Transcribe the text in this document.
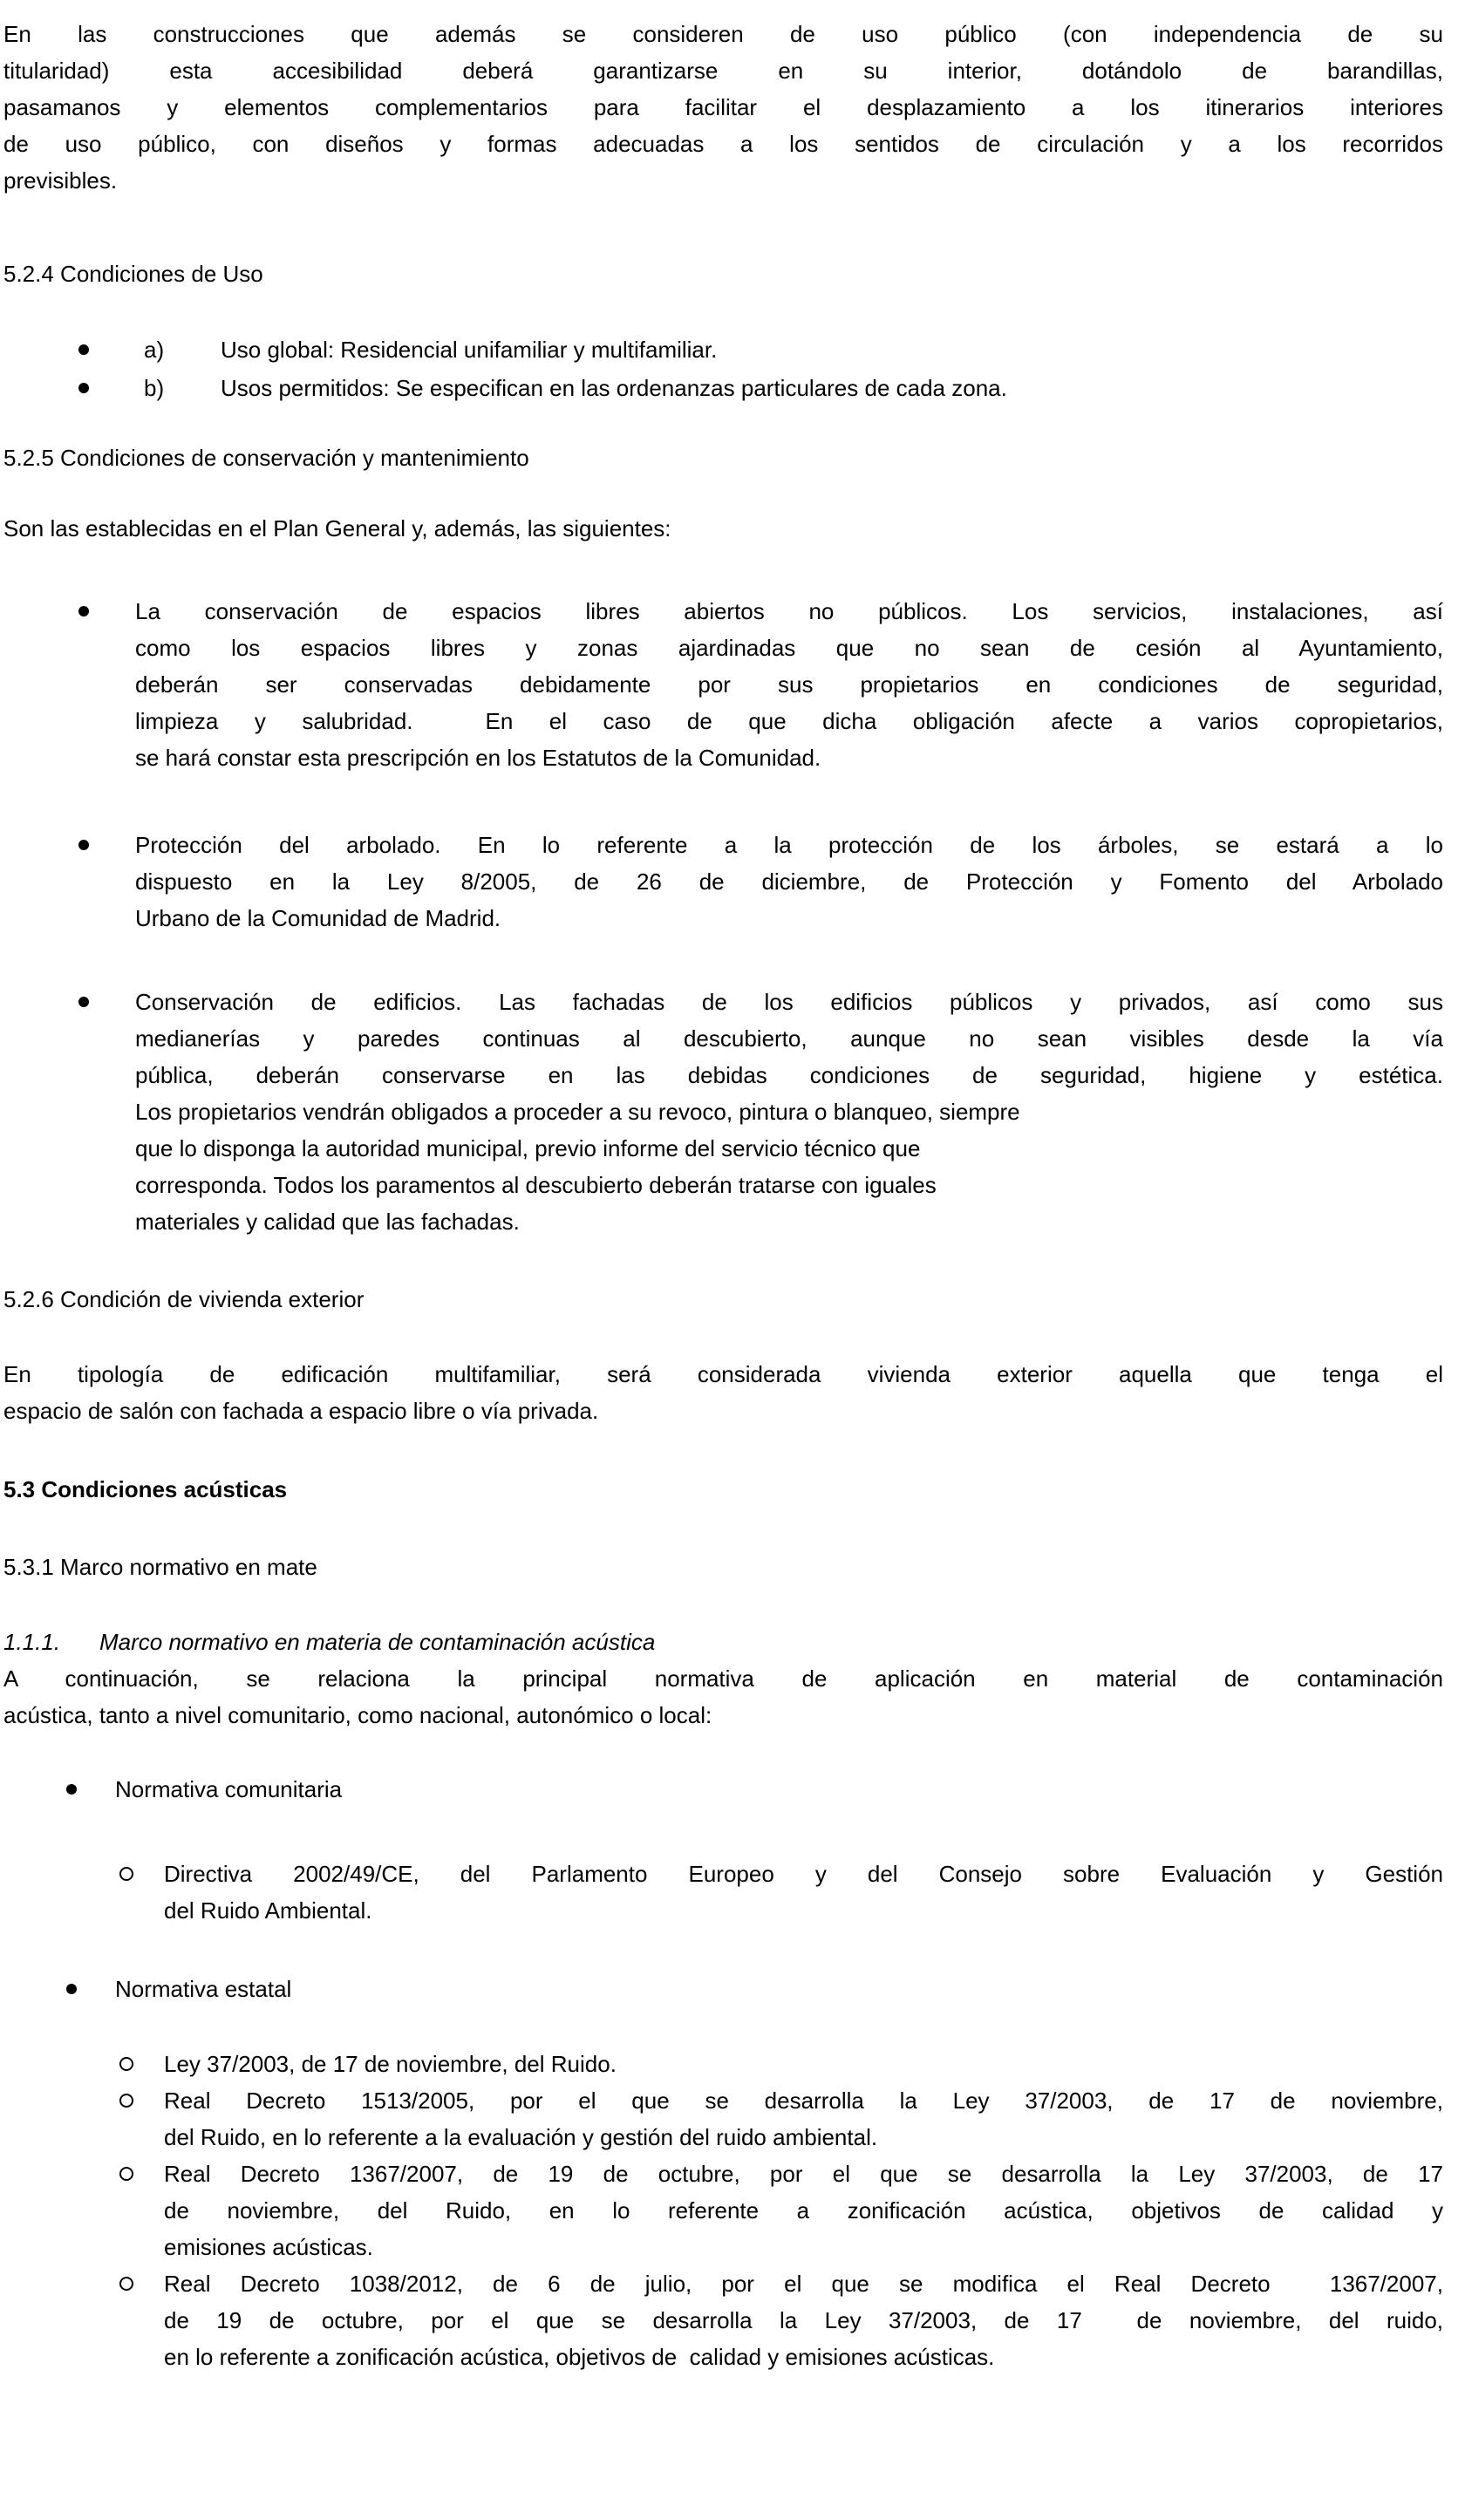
En las construcciones que además se consideren de uso público (con independencia de su
titularidad) esta accesibilidad deberá garantizarse en su interior, dotándolo de barandillas,
pasamanos y elementos complementarios para facilitar el desplazamiento a los itinerarios interiores
de uso público, con diseños y formas adecuadas a los sentidos de circulación y a los recorridos
previsibles.
5.2.4 Condiciones de Uso
a) Uso global: Residencial unifamiliar y multifamiliar.
b) Usos permitidos: Se especifican en las ordenanzas particulares de cada zona.
5.2.5 Condiciones de conservación y mantenimiento
Son las establecidas en el Plan General y, además, las siguientes:
La conservación de espacios libres abiertos no públicos. Los servicios, instalaciones, así
como los espacios libres y zonas ajardinadas que no sean de cesión al Ayuntamiento,
deberán ser conservadas debidamente por sus propietarios en condiciones de seguridad,
limpieza y salubridad.  En el caso de que dicha obligación afecte a varios copropietarios,
se hará constar esta prescripción en los Estatutos de la Comunidad.
Protección del arbolado. En lo referente a la protección de los árboles, se estará a lo
dispuesto en la Ley 8/2005, de 26 de diciembre, de Protección y Fomento del Arbolado
Urbano de la Comunidad de Madrid.
Conservación de edificios. Las fachadas de los edificios públicos y privados, así como sus
medianerías y paredes continuas al descubierto, aunque no sean visibles desde la vía
pública, deberán conservarse en las debidas condiciones de seguridad, higiene y estética.
Los propietarios vendrán obligados a proceder a su revoco, pintura o blanqueo, siempre
que lo disponga la autoridad municipal, previo informe del servicio técnico que
corresponda. Todos los paramentos al descubierto deberán tratarse con iguales
materiales y calidad que las fachadas.
5.2.6 Condición de vivienda exterior
En tipología de edificación multifamiliar, será considerada vivienda exterior aquella que tenga el
espacio de salón con fachada a espacio libre o vía privada.
5.3 Condiciones acústicas
5.3.1 Marco normativo en mate
1.1.1. Marco normativo en materia de contaminación acústica
A continuación, se relaciona la principal normativa de aplicación en material de contaminación
acústica, tanto a nivel comunitario, como nacional, autonómico o local:
Normativa comunitaria
Directiva 2002/49/CE, del Parlamento Europeo y del Consejo sobre Evaluación y Gestión
del Ruido Ambiental.
Normativa estatal
Ley 37/2003, de 17 de noviembre, del Ruido.
Real Decreto 1513/2005, por el que se desarrolla la Ley 37/2003, de 17 de noviembre,
del Ruido, en lo referente a la evaluación y gestión del ruido ambiental.
Real Decreto 1367/2007, de 19 de octubre, por el que se desarrolla la Ley 37/2003, de 17
de noviembre, del Ruido, en lo referente a zonificación acústica, objetivos de calidad y
emisiones acústicas.
Real Decreto 1038/2012, de 6 de julio, por el que se modifica el Real Decreto  1367/2007,
de 19 de octubre, por el que se desarrolla la Ley 37/2003, de 17  de noviembre, del ruido,
en lo referente a zonificación acústica, objetivos de  calidad y emisiones acústicas.
